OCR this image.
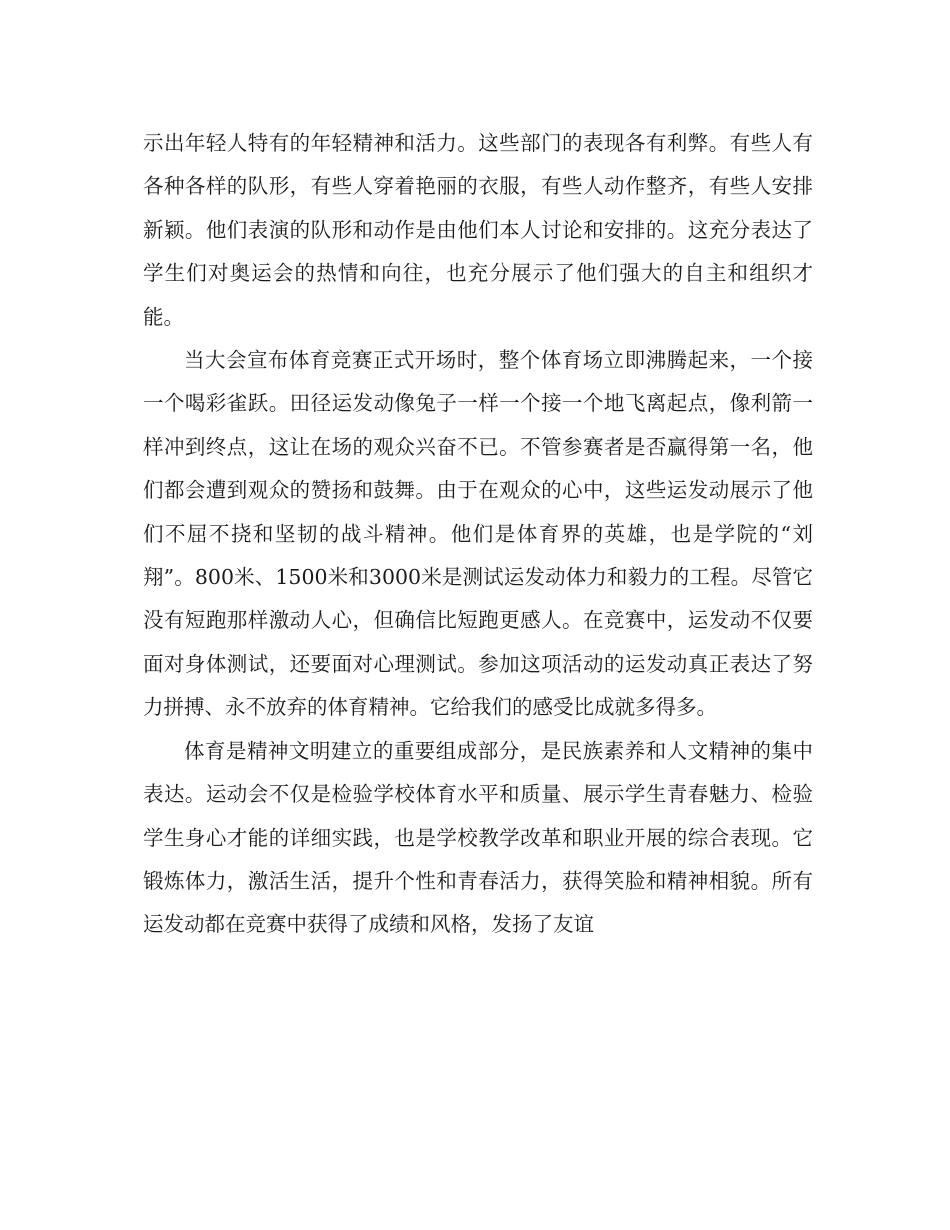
示出年轻人特有的年轻精神和活力。这些部门的表现各有利弊。有些人有各种各样的队形，有些人穿着艳丽的衣服，有些人动作整齐，有些人安排新颖。他们表演的队形和动作是由他们本人讨论和安排的。这充分表达了学生们对奥运会的热情和向往，也充分展示了他们强大的自主和组织才能。

当大会宣布体育竞赛正式开场时，整个体育场立即沸腾起来，一个接一个喝彩雀跃。田径运发动像兔子一样一个接一个地飞离起点，像利箭一样冲到终点，这让在场的观众兴奋不已。不管参赛者是否赢得第一名，他们都会遭到观众的赞扬和鼓舞。由于在观众的心中，这些运发动展示了他们不屈不挠和坚韧的战斗精神。他们是体育界的英雄，也是学院的“刘翔”。800米、1500米和3000米是测试运发动体力和毅力的工程。尽管它没有短跑那样激动人心，但确信比短跑更感人。在竞赛中，运发动不仅要面对身体测试，还要面对心理测试。参加这项活动的运发动真正表达了努力拼搏、永不放弃的体育精神。它给我们的感受比成就多得多。

体育是精神文明建立的重要组成部分，是民族素养和人文精神的集中表达。运动会不仅是检验学校体育水平和质量、展示学生青春魅力、检验学生身心才能的详细实践，也是学校教学改革和职业开展的综合表现。它锻炼体力，激活生活，提升个性和青春活力，获得笑脸和精神相貌。所有运发动都在竞赛中获得了成绩和风格，发扬了友谊
